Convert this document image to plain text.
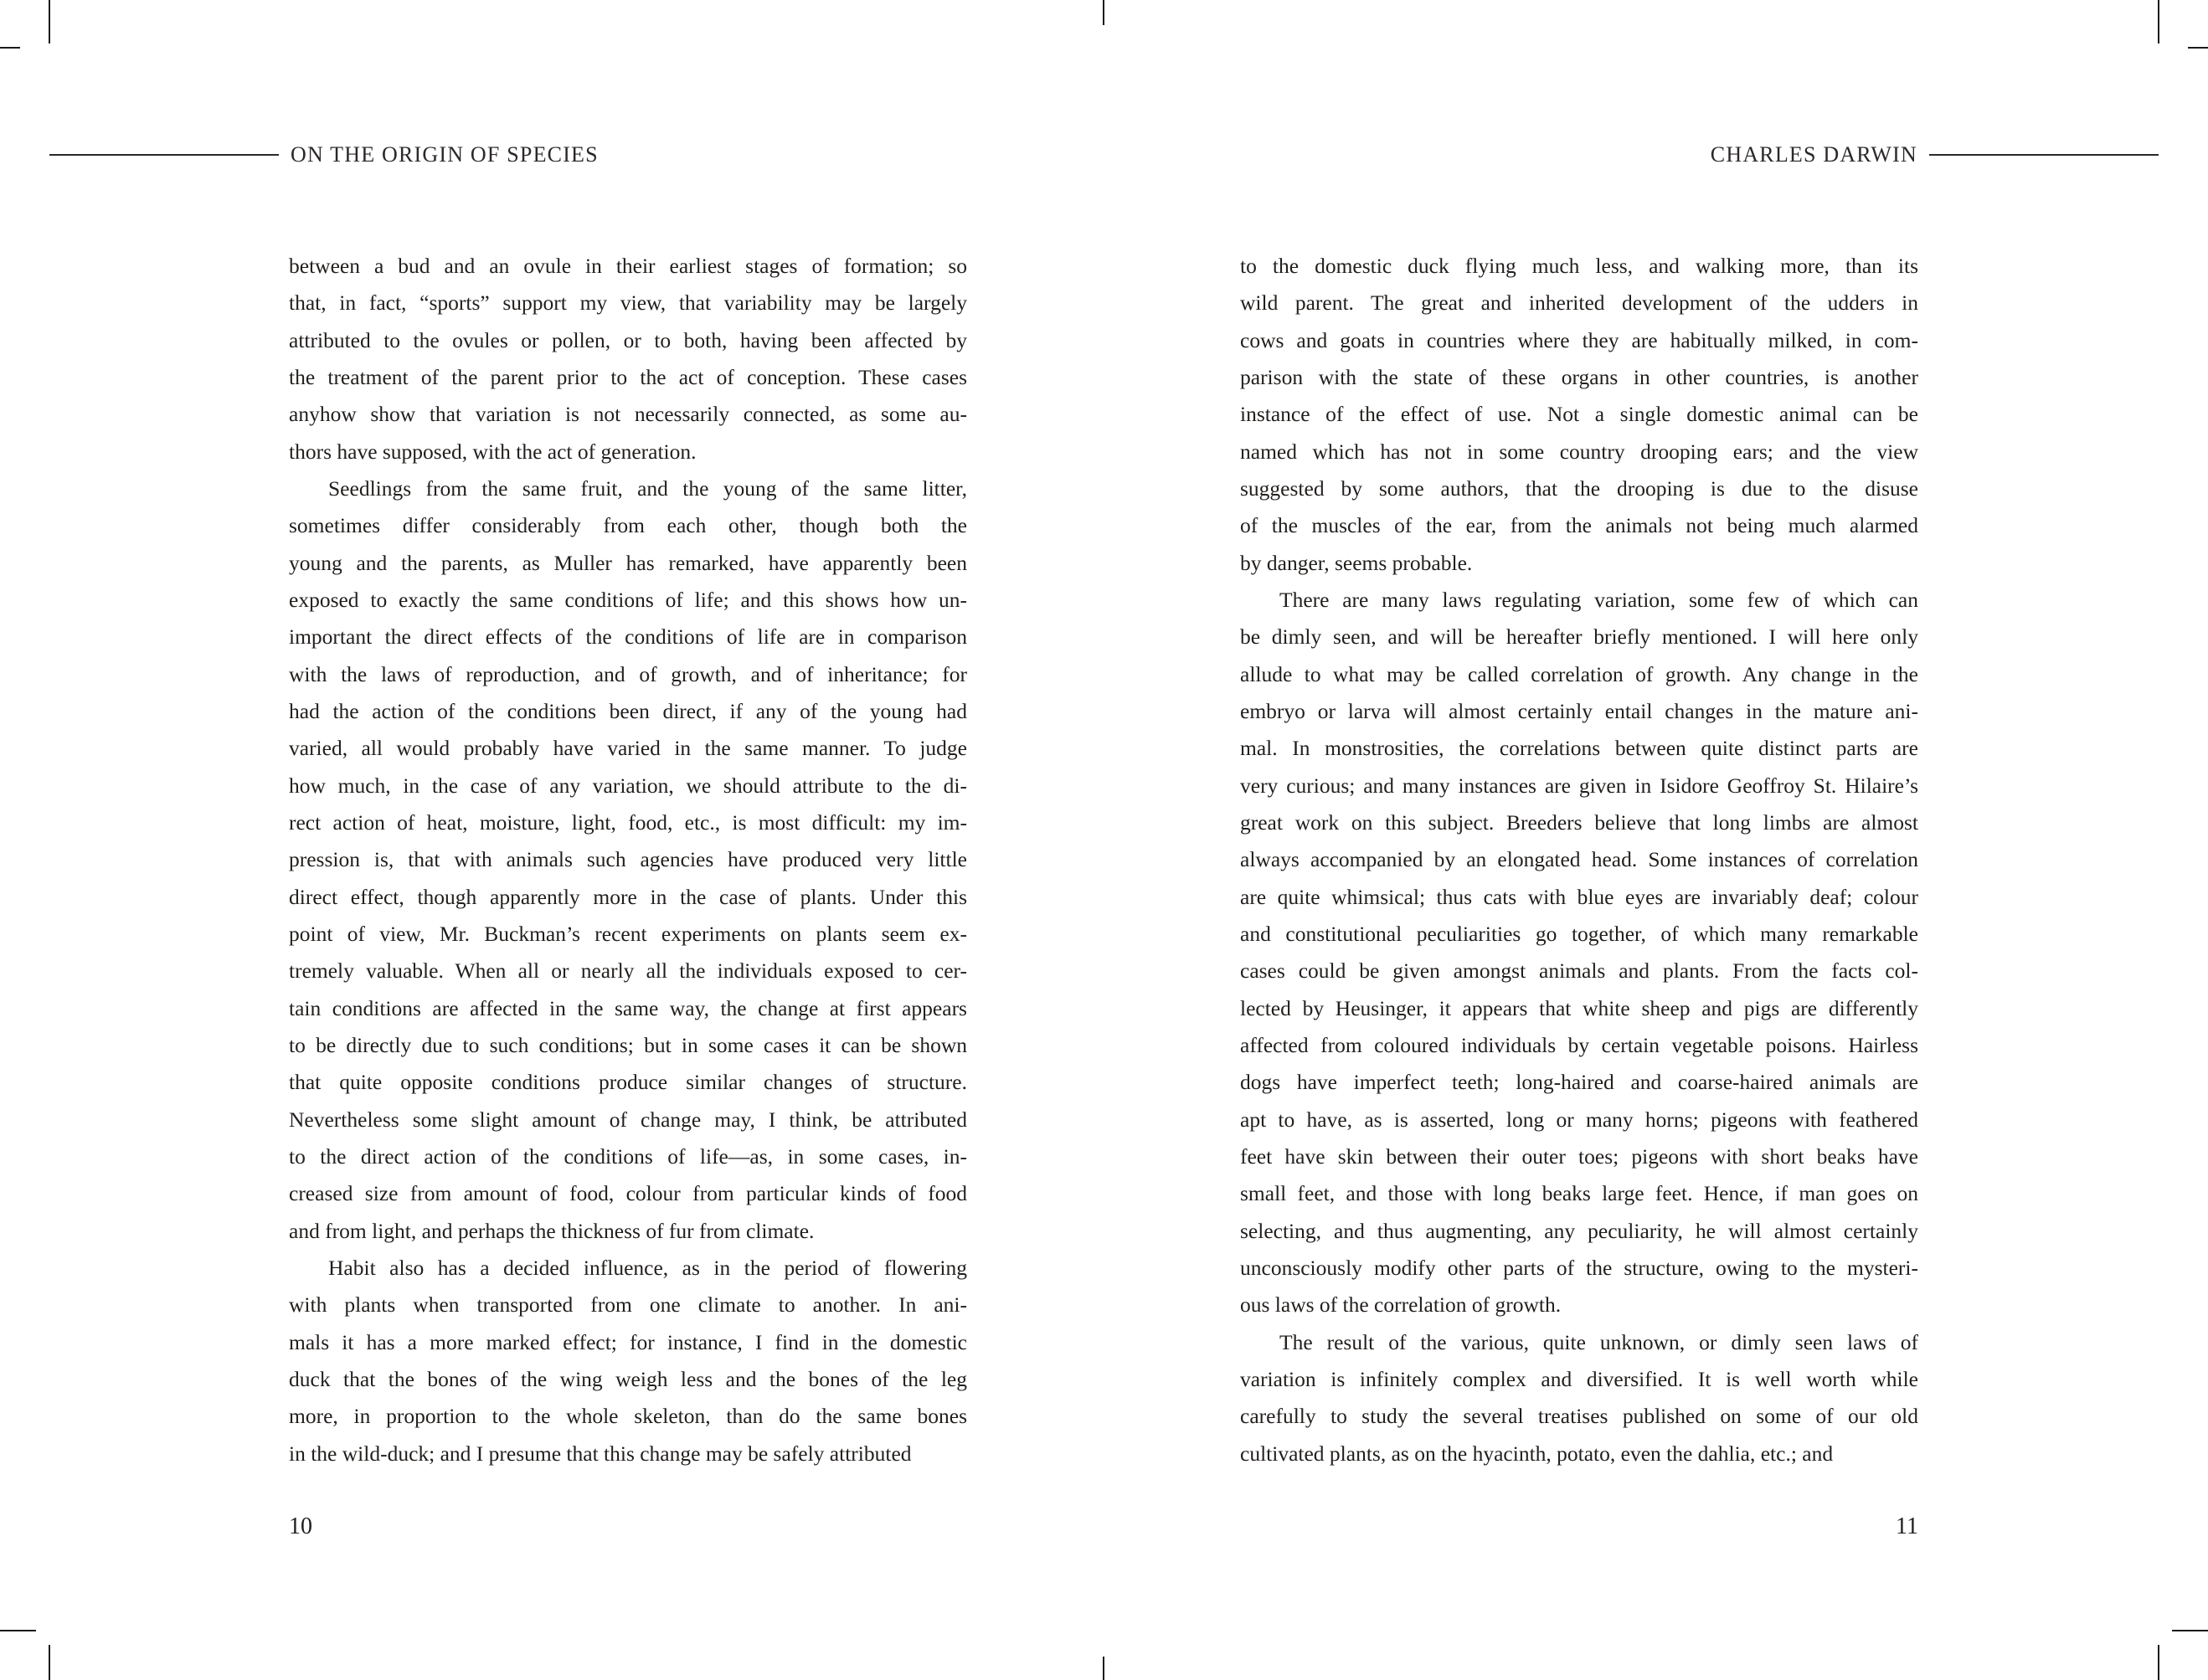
ON THE ORIGIN OF SPECIES
between a bud and an ovule in their earliest stages of formation; so
that, in fact, “sports” support my view, that variability may be largely
attributed to the ovules or pollen, or to both, having been affected by
the treatment of the parent prior to the act of conception. These cases
anyhow show that variation is not necessarily connected, as some au-
thors have supposed, with the act of generation.
Seedlings from the same fruit, and the young of the same litter,
sometimes differ considerably from each other, though both the
young and the parents, as Muller has remarked, have apparently been
exposed to exactly the same conditions of life; and this shows how un-
important the direct effects of the conditions of life are in comparison
with the laws of reproduction, and of growth, and of inheritance; for
had the action of the conditions been direct, if any of the young had
varied, all would probably have varied in the same manner. To judge
how much, in the case of any variation, we should attribute to the di-
rect action of heat, moisture, light, food, etc., is most difficult: my im-
pression is, that with animals such agencies have produced very little
direct effect, though apparently more in the case of plants. Under this
point of view, Mr. Buckman’s recent experiments on plants seem ex-
tremely valuable. When all or nearly all the individuals exposed to cer-
tain conditions are affected in the same way, the change at first appears
to be directly due to such conditions; but in some cases it can be shown
that quite opposite conditions produce similar changes of structure.
Nevertheless some slight amount of change may, I think, be attributed
to the direct action of the conditions of life—as, in some cases, in-
creased size from amount of food, colour from particular kinds of food
and from light, and perhaps the thickness of fur from climate.
Habit also has a decided influence, as in the period of flowering
with plants when transported from one climate to another. In ani-
mals it has a more marked effect; for instance, I find in the domestic
duck that the bones of the wing weigh less and the bones of the leg
more, in proportion to the whole skeleton, than do the same bones
in the wild-duck; and I presume that this change may be safely attributed
10
CHARLES DARWIN
to the domestic duck flying much less, and walking more, than its
wild parent. The great and inherited development of the udders in
cows and goats in countries where they are habitually milked, in com-
parison with the state of these organs in other countries, is another
instance of the effect of use. Not a single domestic animal can be
named which has not in some country drooping ears; and the view
suggested by some authors, that the drooping is due to the disuse
of the muscles of the ear, from the animals not being much alarmed
by danger, seems probable.
There are many laws regulating variation, some few of which can
be dimly seen, and will be hereafter briefly mentioned. I will here only
allude to what may be called correlation of growth. Any change in the
embryo or larva will almost certainly entail changes in the mature ani-
mal. In monstrosities, the correlations between quite distinct parts are
very curious; and many instances are given in Isidore Geoffroy St. Hilaire’s
great work on this subject. Breeders believe that long limbs are almost
always accompanied by an elongated head. Some instances of correlation
are quite whimsical; thus cats with blue eyes are invariably deaf; colour
and constitutional peculiarities go together, of which many remarkable
cases could be given amongst animals and plants. From the facts col-
lected by Heusinger, it appears that white sheep and pigs are differently
affected from coloured individuals by certain vegetable poisons. Hairless
dogs have imperfect teeth; long-haired and coarse-haired animals are
apt to have, as is asserted, long or many horns; pigeons with feathered
feet have skin between their outer toes; pigeons with short beaks have
small feet, and those with long beaks large feet. Hence, if man goes on
selecting, and thus augmenting, any peculiarity, he will almost certainly
unconsciously modify other parts of the structure, owing to the mysteri-
ous laws of the correlation of growth.
The result of the various, quite unknown, or dimly seen laws of
variation is infinitely complex and diversified. It is well worth while
carefully to study the several treatises published on some of our old
cultivated plants, as on the hyacinth, potato, even the dahlia, etc.; and
11
